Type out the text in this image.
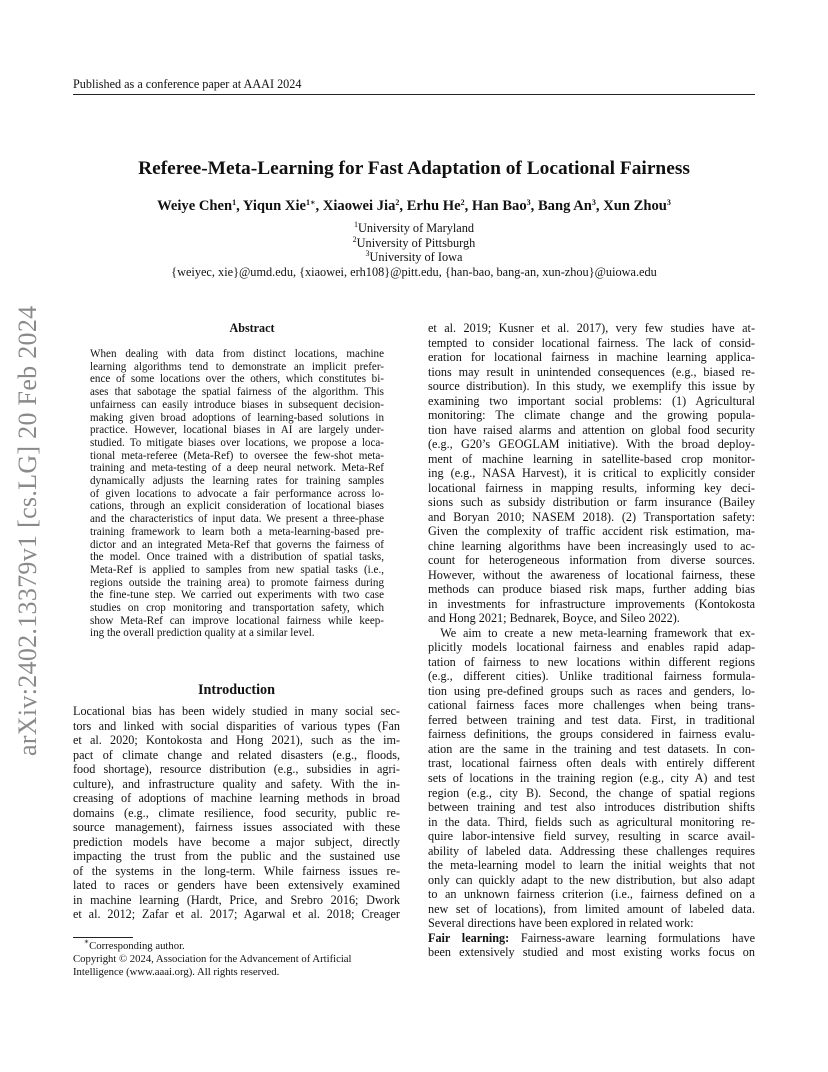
Published as a conference paper at AAAI 2024
arXiv:2402.13379v1 [cs.LG] 20 Feb 2024
Referee-Meta-Learning for Fast Adaptation of Locational Fairness
Weiye Chen$^1$, Yiqun Xie$^{1∗}$, Xiaowei Jia$^2$, Erhu He$^2$, Han Bao$^3$, Bang An$^3$, Xun Zhou$^3$
$^1$University of Maryland
$^2$University of Pittsburgh
$^3$University of Iowa
{weiyec, xie}@umd.edu, {xiaowei, erh108}@pitt.edu, {han-bao, bang-an, xun-zhou}@uiowa.edu
Abstract

When dealing with data from distinct locations, machine
learning algorithms tend to demonstrate an implicit prefer-
ence of some locations over the others, which constitutes bi-
ases that sabotage the spatial fairness of the algorithm. This
unfairness can easily introduce biases in subsequent decision-
making given broad adoptions of learning-based solutions in
practice. However, locational biases in AI are largely under-
studied. To mitigate biases over locations, we propose a loca-
tional meta-referee (Meta-Ref) to oversee the few-shot meta-
training and meta-testing of a deep neural network. Meta-Ref
dynamically adjusts the learning rates for training samples
of given locations to advocate a fair performance across lo-
cations, through an explicit consideration of locational biases
and the characteristics of input data. We present a three-phase
training framework to learn both a meta-learning-based pre-
dictor and an integrated Meta-Ref that governs the fairness of
the model. Once trained with a distribution of spatial tasks,
Meta-Ref is applied to samples from new spatial tasks (i.e.,
regions outside the training area) to promote fairness during
the fine-tune step. We carried out experiments with two case
studies on crop monitoring and transportation safety, which
show Meta-Ref can improve locational fairness while keep-
ing the overall prediction quality at a similar level.

Introduction

Locational bias has been widely studied in many social sec-
tors and linked with social disparities of various types (Fan
et al. 2020; Kontokosta and Hong 2021), such as the im-
pact of climate change and related disasters (e.g., floods,
food shortage), resource distribution (e.g., subsidies in agri-
culture), and infrastructure quality and safety. With the in-
creasing of adoptions of machine learning methods in broad
domains (e.g., climate resilience, food security, public re-
source management), fairness issues associated with these
prediction models have become a major subject, directly
impacting the trust from the public and the sustained use
of the systems in the long-term. While fairness issues re-
lated to races or genders have been extensively examined
in machine learning (Hardt, Price, and Srebro 2016; Dwork
et al. 2012; Zafar et al. 2017; Agarwal et al. 2018; Creager

∗Corresponding author.
Copyright © 2024, Association for the Advancement of Artificial
Intelligence (www.aaai.org). All rights reserved.

et al. 2019; Kusner et al. 2017), very few studies have at-
tempted to consider locational fairness. The lack of consid-
eration for locational fairness in machine learning applica-
tions may result in unintended consequences (e.g., biased re-
source distribution). In this study, we exemplify this issue by
examining two important social problems: (1) Agricultural
monitoring: The climate change and the growing popula-
tion have raised alarms and attention on global food security
(e.g., G20’s GEOGLAM initiative). With the broad deploy-
ment of machine learning in satellite-based crop monitor-
ing (e.g., NASA Harvest), it is critical to explicitly consider
locational fairness in mapping results, informing key deci-
sions such as subsidy distribution or farm insurance (Bailey
and Boryan 2010; NASEM 2018). (2) Transportation safety:
Given the complexity of traffic accident risk estimation, ma-
chine learning algorithms have been increasingly used to ac-
count for heterogeneous information from diverse sources.
However, without the awareness of locational fairness, these
methods can produce biased risk maps, further adding bias
in investments for infrastructure improvements (Kontokosta
and Hong 2021; Bednarek, Boyce, and Sileo 2022).

We aim to create a new meta-learning framework that ex-
plicitly models locational fairness and enables rapid adap-
tation of fairness to new locations within different regions
(e.g., different cities). Unlike traditional fairness formula-
tion using pre-defined groups such as races and genders, lo-
cational fairness faces more challenges when being trans-
ferred between training and test data. First, in traditional
fairness definitions, the groups considered in fairness evalu-
ation are the same in the training and test datasets. In con-
trast, locational fairness often deals with entirely different
sets of locations in the training region (e.g., city A) and test
region (e.g., city B). Second, the change of spatial regions
between training and test also introduces distribution shifts
in the data. Third, fields such as agricultural monitoring re-
quire labor-intensive field survey, resulting in scarce avail-
ability of labeled data. Addressing these challenges requires
the meta-learning model to learn the initial weights that not
only can quickly adapt to the new distribution, but also adapt
to an unknown fairness criterion (i.e., fairness defined on a
new set of locations), from limited amount of labeled data.
Several directions have been explored in related work:

Fair learning: Fairness-aware learning formulations have
been extensively studied and most existing works focus on
